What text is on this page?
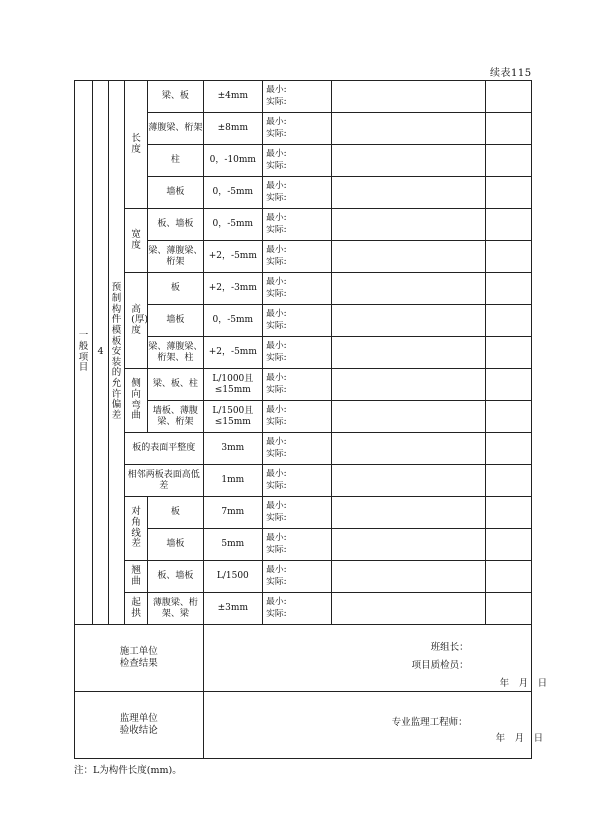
续表115
一般项目	4	预制构件模板安装的允许偏差	长度	梁、板	±4mm	最小:
实际:		

				薄腹梁、桁架	±8mm	最小:
实际:		

				柱	0，-10mm	最小:
实际:		

				墙板	0，-5mm	最小:
实际:		

			宽度	板、墙板	0，-5mm	最小:
实际:		

				梁、薄腹梁、桁架	+2，-5mm	最小:
实际:		

			高(厚)度	板	+2，-3mm	最小:
实际:		

				墙板	0，-5mm	最小:
实际:		

				梁、薄腹梁、桁架、柱	+2，-5mm	最小:
实际:		

			侧向弯曲	梁、板、柱	L/1000且≤15mm	最小:
实际:		

				墙板、薄腹梁、桁架	L/1500且≤15mm	最小:
实际:		

			板的表面平整度		3mm	最小:
实际:		

			相邻两板表面高低差		1mm	最小:
实际:		

			对角线差	板	7mm	最小:
实际:		

				墙板	5mm	最小:
实际:		

			翘曲	板、墙板	L/1500	最小:
实际:		

			起拱	薄腹梁、桁架、梁	±3mm	最小:
实际:		

施工单位检查结果					班组长：
项目质检员：
年　月　日			

监理单位验收结论					专业监理工程师：
年　月　日			
注：L为构件长度(mm)。
